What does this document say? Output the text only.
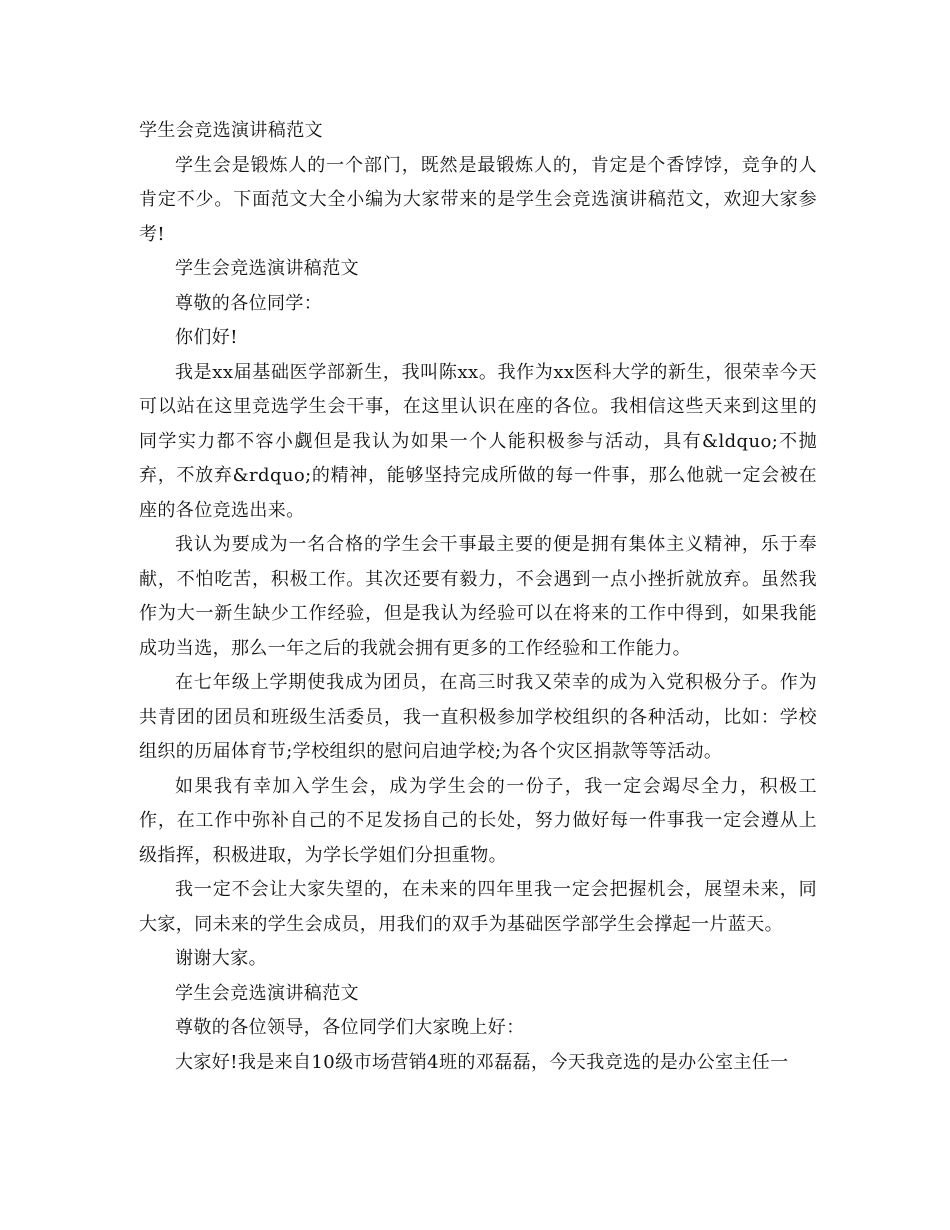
学生会竞选演讲稿范文

学生会是锻炼人的一个部门，既然是最锻炼人的，肯定是个香饽饽，竞争的人肯定不少。下面范文大全小编为大家带来的是学生会竞选演讲稿范文，欢迎大家参考!

学生会竞选演讲稿范文

尊敬的各位同学：

你们好!

我是xx届基础医学部新生，我叫陈xx。我作为xx医科大学的新生，很荣幸今天可以站在这里竞选学生会干事，在这里认识在座的各位。我相信这些天来到这里的同学实力都不容小觑但是我认为如果一个人能积极参与活动，具有&ldquo;不抛弃，不放弃&rdquo;的精神，能够坚持完成所做的每一件事，那么他就一定会被在座的各位竞选出来。

我认为要成为一名合格的学生会干事最主要的便是拥有集体主义精神，乐于奉献，不怕吃苦，积极工作。其次还要有毅力，不会遇到一点小挫折就放弃。虽然我作为大一新生缺少工作经验，但是我认为经验可以在将来的工作中得到，如果我能成功当选，那么一年之后的我就会拥有更多的工作经验和工作能力。

在七年级上学期使我成为团员，在高三时我又荣幸的成为入党积极分子。作为共青团的团员和班级生活委员，我一直积极参加学校组织的各种活动，比如：学校组织的历届体育节;学校组织的慰问启迪学校;为各个灾区捐款等等活动。

如果我有幸加入学生会，成为学生会的一份子，我一定会竭尽全力，积极工作，在工作中弥补自己的不足发扬自己的长处，努力做好每一件事我一定会遵从上级指挥，积极进取，为学长学姐们分担重物。

我一定不会让大家失望的，在未来的四年里我一定会把握机会，展望未来，同大家，同未来的学生会成员，用我们的双手为基础医学部学生会撑起一片蓝天。

谢谢大家。

学生会竞选演讲稿范文

尊敬的各位领导，各位同学们大家晚上好：

大家好!我是来自10级市场营销4班的邓磊磊，今天我竞选的是办公室主任一
